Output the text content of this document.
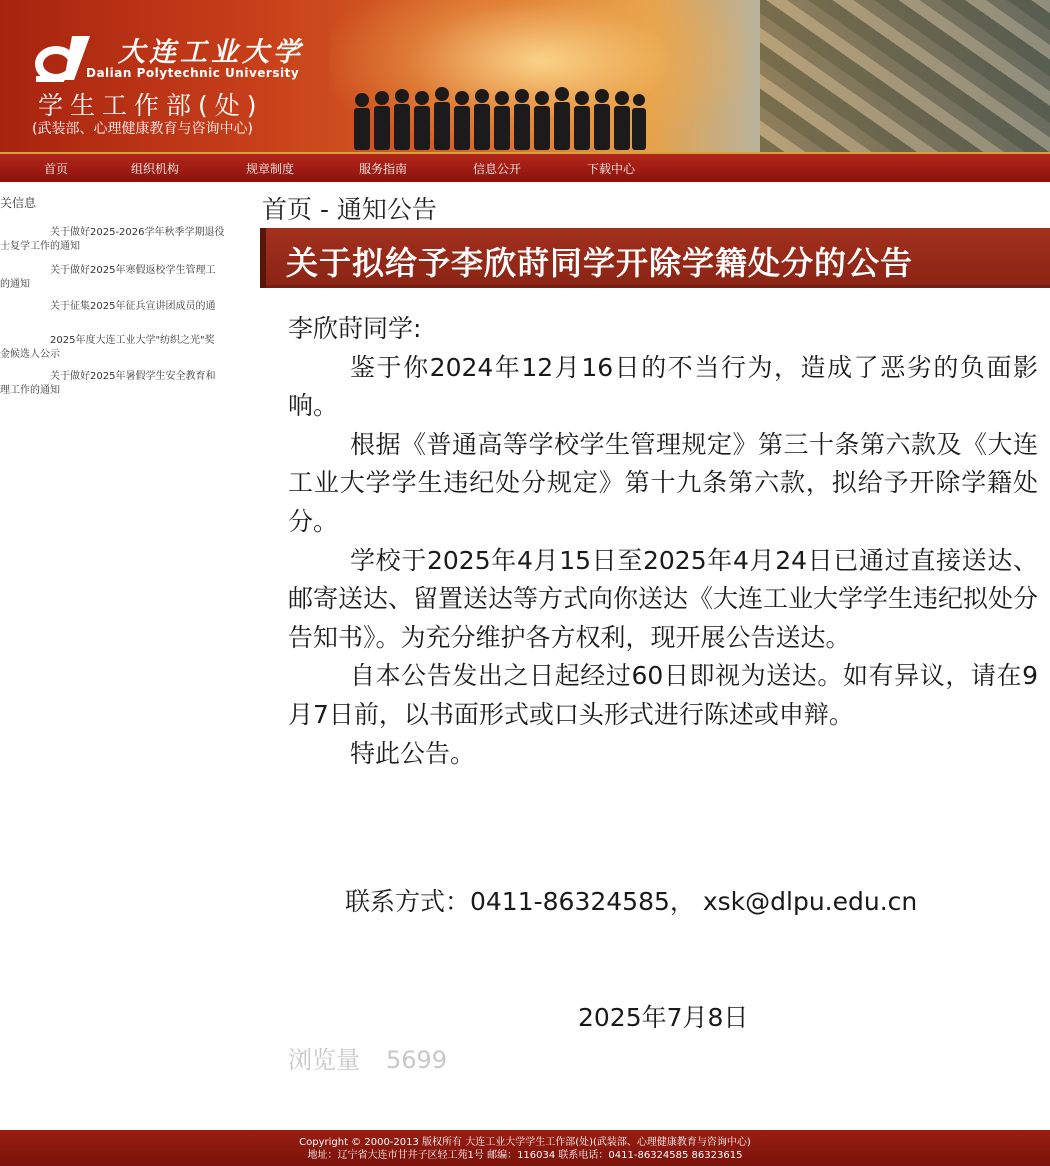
大连工业大学
Dalian Polytechnic University
学生工作部(处)
(武装部、心理健康教育与咨询中心)
首页	组织机构	规章制度	服务指南	信息公开	下载中心
关信息
关于做好2025-2026学年秋季学期退役
士复学工作的通知
关于做好2025年寒假返校学生管理工
的通知
关于征集2025年征兵宣讲团成员的通
2025年度大连工业大学"纺织之光"奖
金候选人公示
关于做好2025年暑假学生安全教育和
理工作的通知
首页 - 通知公告
关于拟给予李欣莳同学开除学籍处分的公告

李欣莳同学:

鉴于你2024年12月16日的不当行为，造成了恶劣的负面影响。

根据《普通高等学校学生管理规定》第三十条第六款及《大连工业大学学生违纪处分规定》第十九条第六款，拟给予开除学籍处分。

学校于2025年4月15日至2025年4月24日已通过直接送达、邮寄送达、留置送达等方式向你送达《大连工业大学学生违纪拟处分告知书》。为充分维护各方权利，现开展公告送达。

自本公告发出之日起经过60日即视为送达。如有异议，请在9月7日前，以书面形式或口头形式进行陈述或申辩。

特此公告。

联系方式：0411-86324585， xsk@dlpu.edu.cn
2025年7月8日
浏览量 5699
Copyright © 2000-2013 版权所有 大连工业大学学生工作部(处)(武装部、心理健康教育与咨询中心)
地址：辽宁省大连市甘井子区轻工苑1号 邮编：116034 联系电话：0411-86324585 86323615
